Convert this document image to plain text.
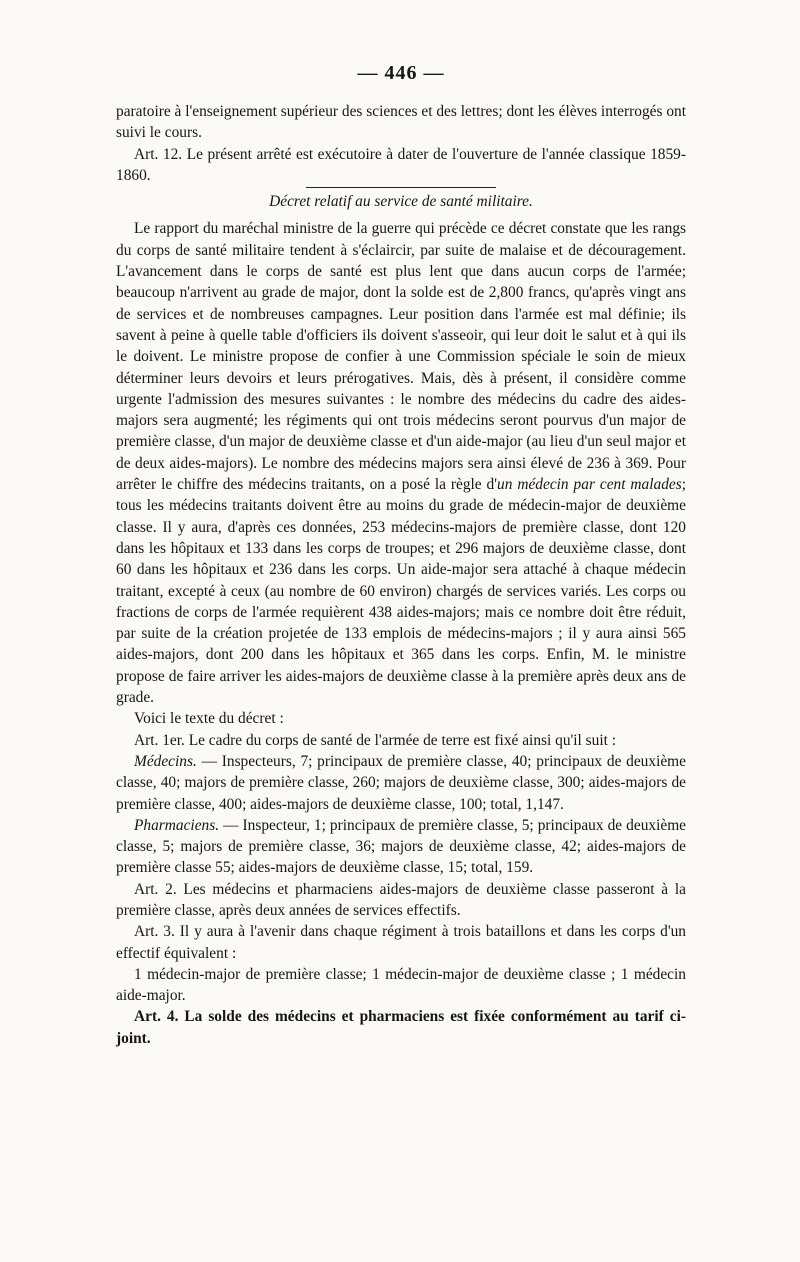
— 446 —

paratoire à l'enseignement supérieur des sciences et des lettres; dont les élèves interrogés ont suivi le cours.

Art. 12. Le présent arrêté est exécutoire à dater de l'ouverture de l'année classique 1859-1860.

Décret relatif au service de santé militaire.

Le rapport du maréchal ministre de la guerre qui précède ce décret constate que les rangs du corps de santé militaire tendent à s'éclaircir, par suite de malaise et de découragement. L'avancement dans le corps de santé est plus lent que dans aucun corps de l'armée; beaucoup n'arrivent au grade de major, dont la solde est de 2,800 francs, qu'après vingt ans de services et de nombreuses campagnes. Leur position dans l'armée est mal définie; ils savent à peine à quelle table d'officiers ils doivent s'asseoir, qui leur doit le salut et à qui ils le doivent. Le ministre propose de confier à une Commission spéciale le soin de mieux déterminer leurs devoirs et leurs prérogatives. Mais, dès à présent, il considère comme urgente l'admission des mesures suivantes : le nombre des médecins du cadre des aides-majors sera augmenté; les régiments qui ont trois médecins seront pourvus d'un major de première classe, d'un major de deuxième classe et d'un aide-major (au lieu d'un seul major et de deux aides-majors). Le nombre des médecins majors sera ainsi élevé de 236 à 369. Pour arrêter le chiffre des médecins traitants, on a posé la règle d'un médecin par cent malades; tous les médecins traitants doivent être au moins du grade de médecin-major de deuxième classe. Il y aura, d'après ces données, 253 médecins-majors de première classe, dont 120 dans les hôpitaux et 133 dans les corps de troupes; et 296 majors de deuxième classe, dont 60 dans les hôpitaux et 236 dans les corps. Un aide-major sera attaché à chaque médecin traitant, excepté à ceux (au nombre de 60 environ) chargés de services variés. Les corps ou fractions de corps de l'armée requièrent 438 aides-majors; mais ce nombre doit être réduit, par suite de la création projetée de 133 emplois de médecins-majors ; il y aura ainsi 565 aides-majors, dont 200 dans les hôpitaux et 365 dans les corps. Enfin, M. le ministre propose de faire arriver les aides-majors de deuxième classe à la première après deux ans de grade.

Voici le texte du décret :

Art. 1er. Le cadre du corps de santé de l'armée de terre est fixé ainsi qu'il suit :

Médecins. — Inspecteurs, 7; principaux de première classe, 40; principaux de deuxième classe, 40; majors de première classe, 260; majors de deuxième classe, 300; aides-majors de première classe, 400; aides-majors de deuxième classe, 100; total, 1,147.

Pharmaciens. — Inspecteur, 1; principaux de première classe, 5; principaux de deuxième classe, 5; majors de première classe, 36; majors de deuxième classe, 42; aides-majors de première classe 55; aides-majors de deuxième classe, 15; total, 159.

Art. 2. Les médecins et pharmaciens aides-majors de deuxième classe passeront à la première classe, après deux années de services effectifs.

Art. 3. Il y aura à l'avenir dans chaque régiment à trois bataillons et dans les corps d'un effectif équivalent :

1 médecin-major de première classe; 1 médecin-major de deuxième classe ; 1 médecin aide-major.

Art. 4. La solde des médecins et pharmaciens est fixée conformément au tarif ci-joint.
